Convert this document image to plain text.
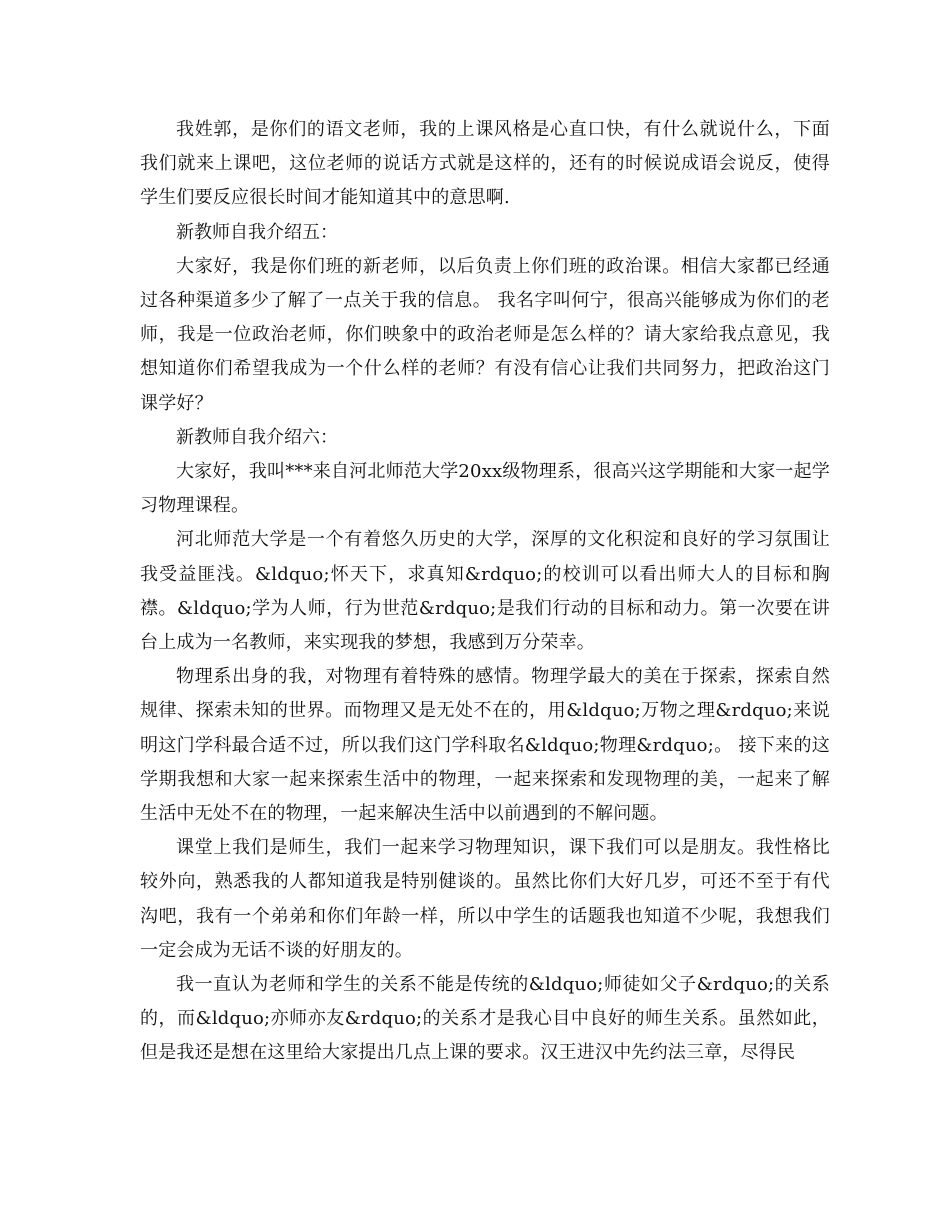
我姓郭，是你们的语文老师，我的上课风格是心直口快，有什么就说什么，下面我们就来上课吧，这位老师的说话方式就是这样的，还有的时候说成语会说反，使得学生们要反应很长时间才能知道其中的意思啊.

新教师自我介绍五：

大家好，我是你们班的新老师，以后负责上你们班的政治课。相信大家都已经通过各种渠道多少了解了一点关于我的信息。 我名字叫何宁，很高兴能够成为你们的老师，我是一位政治老师，你们映象中的政治老师是怎么样的？请大家给我点意见，我想知道你们希望我成为一个什么样的老师？有没有信心让我们共同努力，把政治这门课学好？

新教师自我介绍六：

大家好，我叫***来自河北师范大学20xx级物理系，很高兴这学期能和大家一起学习物理课程。

河北师范大学是一个有着悠久历史的大学，深厚的文化积淀和良好的学习氛围让我受益匪浅。&ldquo;怀天下，求真知&rdquo;的校训可以看出师大人的目标和胸襟。&ldquo;学为人师，行为世范&rdquo;是我们行动的目标和动力。第一次要在讲台上成为一名教师，来实现我的梦想，我感到万分荣幸。

物理系出身的我，对物理有着特殊的感情。物理学最大的美在于探索，探索自然规律、探索未知的世界。而物理又是无处不在的，用&ldquo;万物之理&rdquo;来说明这门学科最合适不过，所以我们这门学科取名&ldquo;物理&rdquo;。 接下来的这学期我想和大家一起来探索生活中的物理，一起来探索和发现物理的美，一起来了解生活中无处不在的物理，一起来解决生活中以前遇到的不解问题。

课堂上我们是师生，我们一起来学习物理知识，课下我们可以是朋友。我性格比较外向，熟悉我的人都知道我是特别健谈的。虽然比你们大好几岁，可还不至于有代沟吧，我有一个弟弟和你们年龄一样，所以中学生的话题我也知道不少呢，我想我们一定会成为无话不谈的好朋友的。

我一直认为老师和学生的关系不能是传统的&ldquo;师徒如父子&rdquo;的关系的，而&ldquo;亦师亦友&rdquo;的关系才是我心目中良好的师生关系。虽然如此，但是我还是想在这里给大家提出几点上课的要求。汉王进汉中先约法三章，尽得民
